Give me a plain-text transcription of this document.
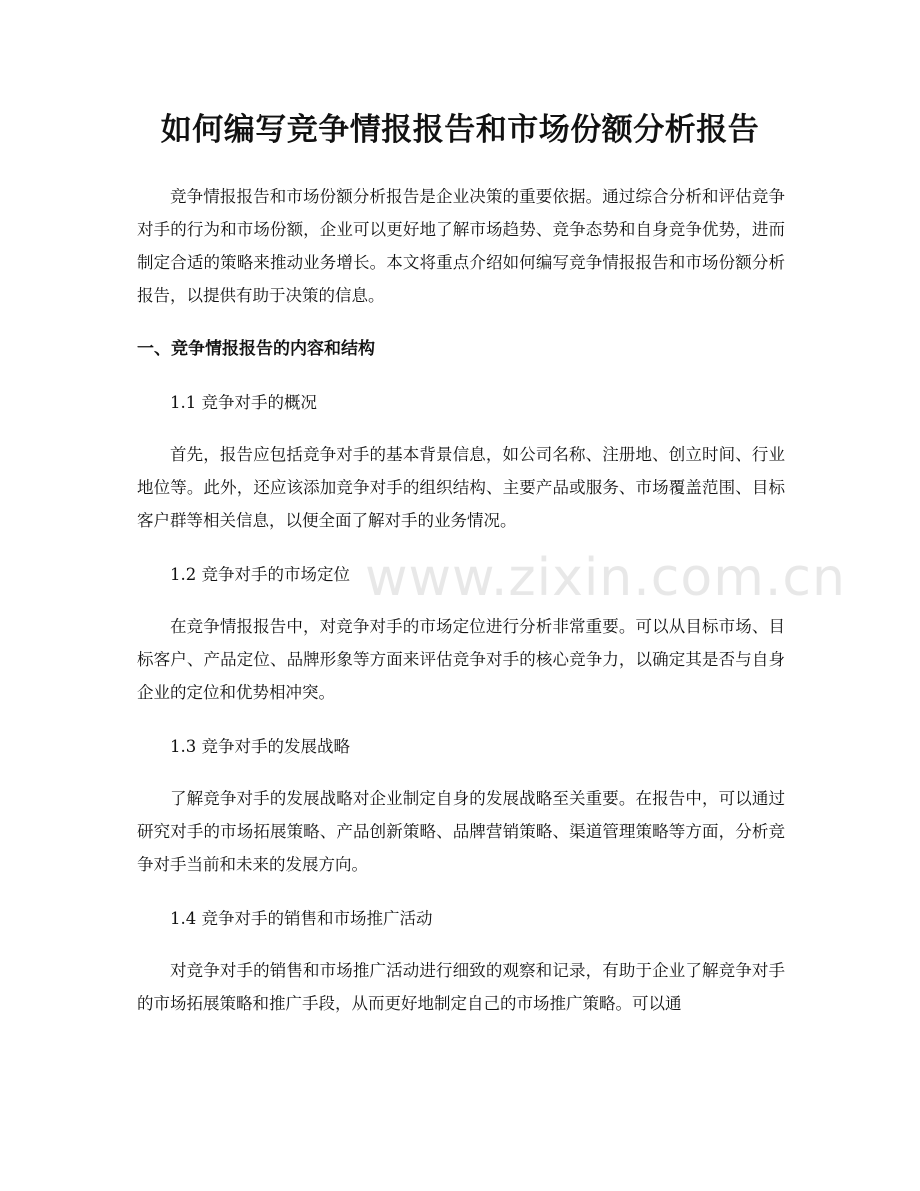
如何编写竞争情报报告和市场份额分析报告

竞争情报报告和市场份额分析报告是企业决策的重要依据。通过综合分析和评估竞争对手的行为和市场份额，企业可以更好地了解市场趋势、竞争态势和自身竞争优势，进而制定合适的策略来推动业务增长。本文将重点介绍如何编写竞争情报报告和市场份额分析报告，以提供有助于决策的信息。

一、竞争情报报告的内容和结构

1.1 竞争对手的概况

首先，报告应包括竞争对手的基本背景信息，如公司名称、注册地、创立时间、行业地位等。此外，还应该添加竞争对手的组织结构、主要产品或服务、市场覆盖范围、目标客户群等相关信息，以便全面了解对手的业务情况。

1.2 竞争对手的市场定位

在竞争情报报告中，对竞争对手的市场定位进行分析非常重要。可以从目标市场、目标客户、产品定位、品牌形象等方面来评估竞争对手的核心竞争力，以确定其是否与自身企业的定位和优势相冲突。

1.3 竞争对手的发展战略

了解竞争对手的发展战略对企业制定自身的发展战略至关重要。在报告中，可以通过研究对手的市场拓展策略、产品创新策略、品牌营销策略、渠道管理策略等方面，分析竞争对手当前和未来的发展方向。

1.4 竞争对手的销售和市场推广活动

对竞争对手的销售和市场推广活动进行细致的观察和记录，有助于企业了解竞争对手的市场拓展策略和推广手段，从而更好地制定自己的市场推广策略。可以通

www.zixin.com.cn
